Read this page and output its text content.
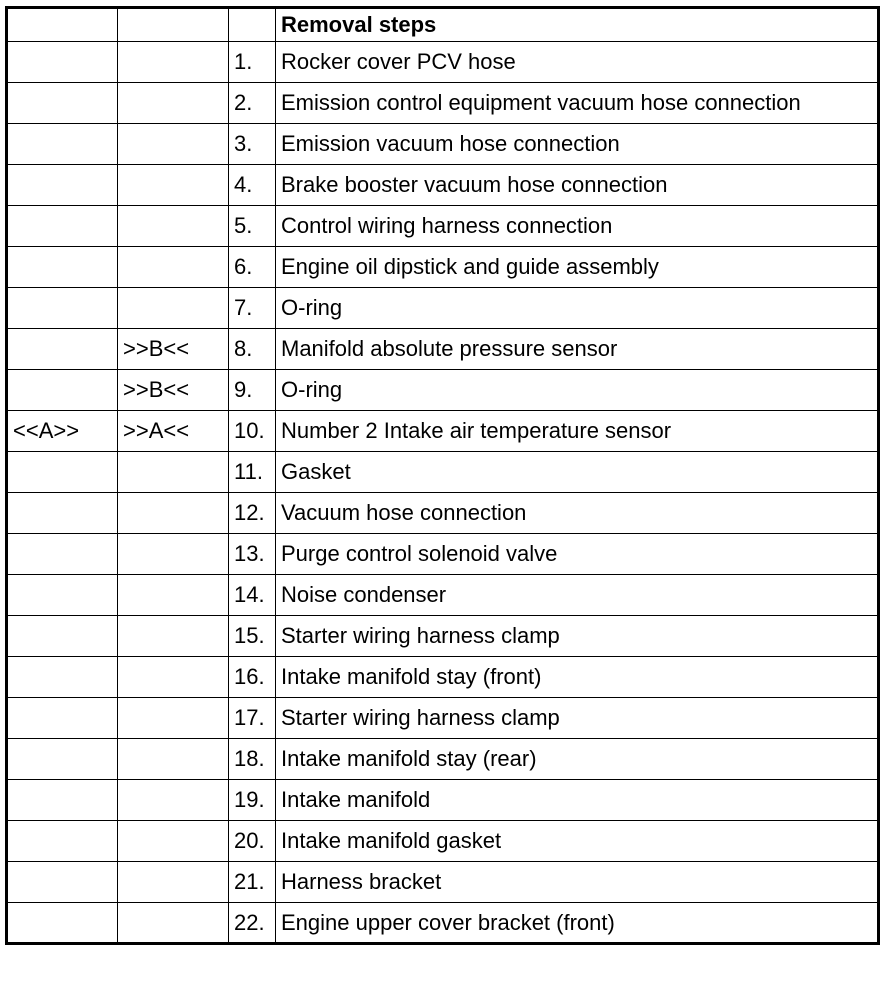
			Removal steps
		1.	Rocker cover PCV hose
		2.	Emission control equipment vacuum hose connection
		3.	Emission vacuum hose connection
		4.	Brake booster vacuum hose connection
		5.	Control wiring harness connection
		6.	Engine oil dipstick and guide assembly
		7.	O-ring
	>>B<<	8.	Manifold absolute pressure sensor
	>>B<<	9.	O-ring
<<A>>	>>A<<	10.	Number 2 Intake air temperature sensor
		11.	Gasket
		12.	Vacuum hose connection
		13.	Purge control solenoid valve
		14.	Noise condenser
		15.	Starter wiring harness clamp
		16.	Intake manifold stay (front)
		17.	Starter wiring harness clamp
		18.	Intake manifold stay (rear)
		19.	Intake manifold
		20.	Intake manifold gasket
		21.	Harness bracket
		22.	Engine upper cover bracket (front)
